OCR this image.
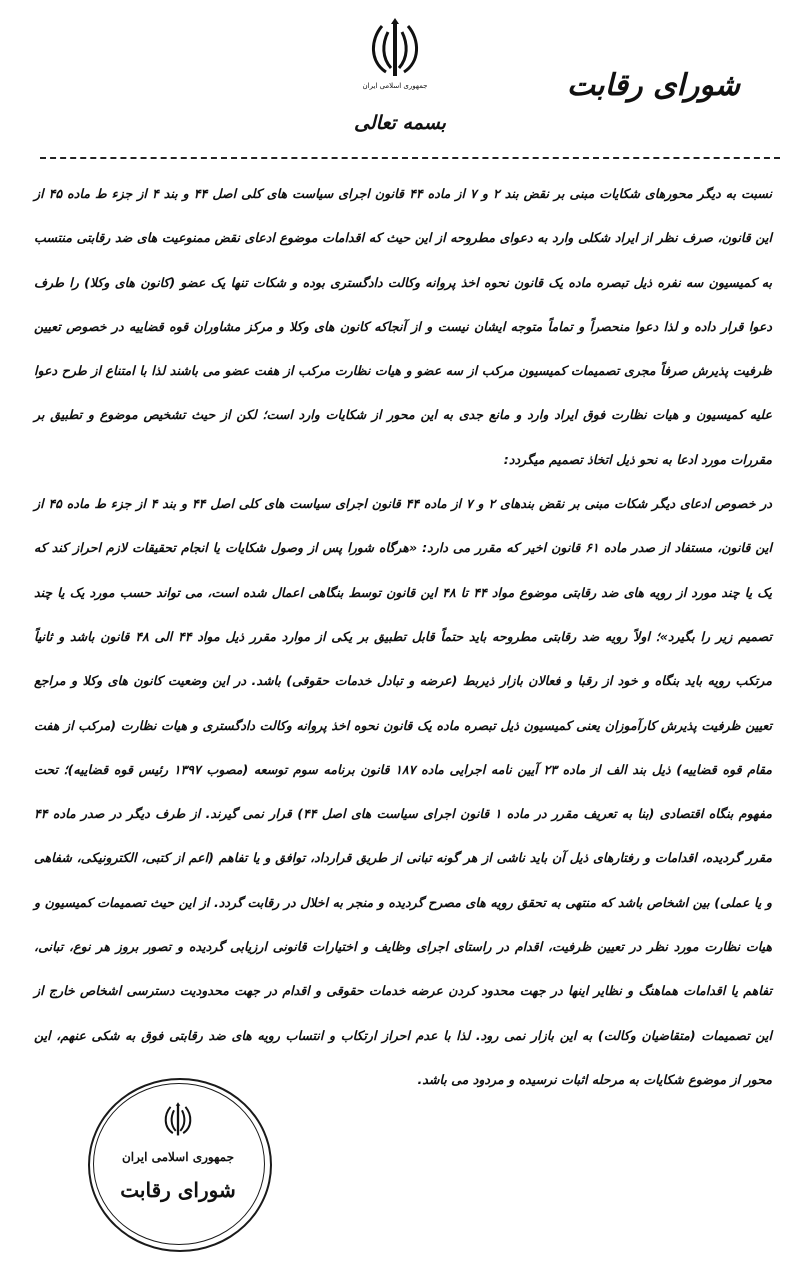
جمهوری اسلامی ایران	شورای رقابت
بسمه تعالی

نسبت به دیگر محورهای شکایات مبنی بر نقض بند ۲ و ۷ از ماده ۴۴ قانون اجرای سیاست های کلی اصل ۴۴ و بند ۴ از جزء ط ماده ۴۵ از این قانون، صرف نظر از ایراد شکلی وارد به دعوای مطروحه از این حیث که اقدامات موضوع ادعای نقض ممنوعیت های ضد رقابتی منتسب به کمیسیون سه نفره ذیل تبصره ماده یک قانون نحوه اخذ پروانه وکالت دادگستری بوده و شکات تنها یک عضو (کانون های وکلا) را طرف دعوا قرار داده و لذا دعوا منحصراً و تماماً متوجه ایشان نیست و از آنجاکه کانون های وکلا و مرکز مشاوران قوه قضاییه در خصوص تعیین ظرفیت پذیرش صرفاً مجری تصمیمات کمیسیون مرکب از سه عضو و هیات نظارت مرکب از هفت عضو می باشند لذا با امتناع از طرح دعوا علیه کمیسیون و هیات نظارت فوق ایراد وارد و مانع جدی به این محور از شکایات وارد است؛ لکن از حیث تشخیص موضوع و تطبیق بر مقررات مورد ادعا به نحو ذیل اتخاذ تصمیم میگردد:

در خصوص ادعای دیگر شکات مبنی بر نقض بندهای ۲ و ۷ از ماده ۴۴ قانون اجرای سیاست های کلی اصل ۴۴ و بند ۴ از جزء ط ماده ۴۵ از این قانون، مستفاد از صدر ماده ۶۱ قانون اخیر که مقرر می دارد: «هرگاه شورا پس از وصول شکایات یا انجام تحقیقات لازم احراز کند که یک یا چند مورد از رویه های ضد رقابتی موضوع مواد ۴۴ تا ۴۸ این قانون توسط بنگاهی اعمال شده است، می تواند حسب مورد یک یا چند تصمیم زیر را بگیرد»؛ اولاً رویه ضد رقابتی مطروحه باید حتماً قابل تطبیق بر یکی از موارد مقرر ذیل مواد ۴۴ الی ۴۸ قانون باشد و ثانیاً مرتکب رویه باید بنگاه و خود از رقبا و فعالان بازار ذیربط (عرضه و تبادل خدمات حقوقی) باشد. در این وضعیت کانون های وکلا و مراجع تعیین ظرفیت پذیرش کارآموزان یعنی کمیسیون ذیل تبصره ماده یک قانون نحوه اخذ پروانه وکالت دادگستری و هیات نظارت (مرکب از هفت مقام قوه قضاییه) ذیل بند الف از ماده ۲۳ آیین نامه اجرایی ماده ۱۸۷ قانون برنامه سوم توسعه (مصوب ۱۳۹۷ رئیس قوه قضاییه)؛ تحت مفهوم بنگاه اقتصادی (بنا به تعریف مقرر در ماده ۱ قانون اجرای سیاست های اصل ۴۴) قرار نمی گیرند. از طرف دیگر در صدر ماده ۴۴ مقرر گردیده، اقدامات و رفتارهای ذیل آن باید ناشی از هر گونه تبانی از طریق قرارداد، توافق و یا تفاهم (اعم از کتبی، الکترونیکی، شفاهی و یا عملی) بین اشخاص باشد که منتهی به تحقق رویه های مصرح گردیده و منجر به اخلال در رقابت گردد. از این حیث تصمیمات کمیسیون و هیات نظارت مورد نظر در تعیین ظرفیت، اقدام در راستای اجرای وظایف و اختیارات قانونی ارزیابی گردیده و تصور بروز هر نوع، تبانی، تفاهم یا اقدامات هماهنگ و نظایر اینها در جهت محدود کردن عرضه خدمات حقوقی و اقدام در جهت محدودیت دسترسی اشخاص خارج از این تصمیمات (متقاضیان وکالت) به این بازار نمی رود. لذا با عدم احراز ارتکاب و انتساب رویه های ضد رقابتی فوق به شکی عنهم، این محور از موضوع شکایات به مرحله اثبات نرسیده و مردود می باشد.

جمهوری اسلامی ایران
شورای رقابت
